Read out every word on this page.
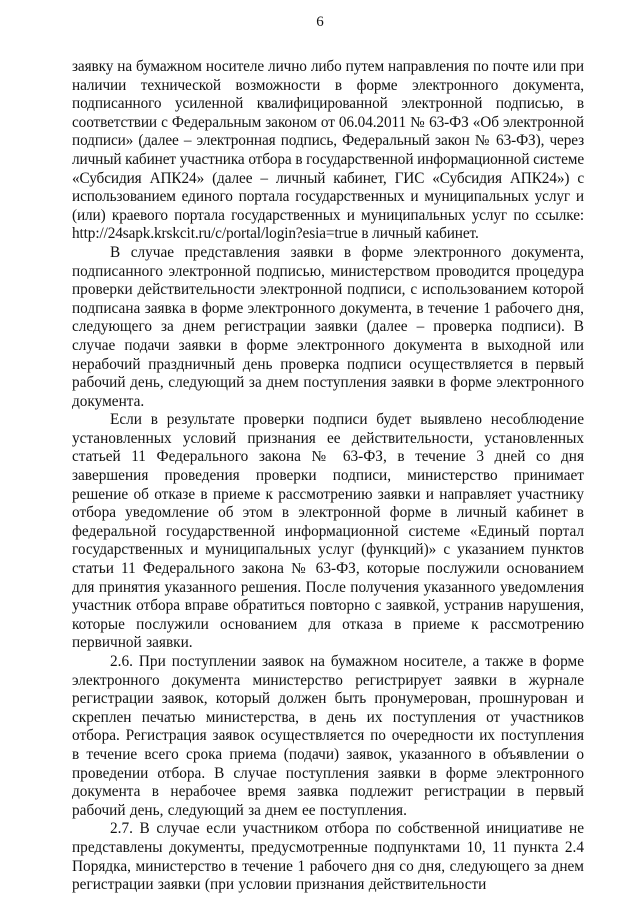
6

заявку на бумажном носителе лично либо путем направления по почте или при наличии технической возможности в форме электронного документа, подписанного усиленной квалифицированной электронной подписью, в соответствии с Федеральным законом от 06.04.2011 № 63-ФЗ «Об электронной подписи» (далее – электронная подпись, Федеральный закон № 63-ФЗ), через личный кабинет участника отбора в государственной информационной системе «Субсидия АПК24» (далее – личный кабинет, ГИС «Субсидия АПК24») с использованием единого портала государственных и муниципальных услуг и (или) краевого портала государственных и муниципальных услуг по ссылке: http://24sapk.krskcit.ru/c/portal/login?esia=true в личный кабинет.

В случае представления заявки в форме электронного документа, подписанного электронной подписью, министерством проводится процедура проверки действительности электронной подписи, с использованием которой подписана заявка в форме электронного документа, в течение 1 рабочего дня, следующего за днем регистрации заявки (далее – проверка подписи). В случае подачи заявки в форме электронного документа в выходной или нерабочий праздничный день проверка подписи осуществляется в первый рабочий день, следующий за днем поступления заявки в форме электронного документа.

Если в результате проверки подписи будет выявлено несоблюдение установленных условий признания ее действительности, установленных статьей 11 Федерального закона № 63-ФЗ, в течение 3 дней со дня завершения проведения проверки подписи, министерство принимает решение об отказе в приеме к рассмотрению заявки и направляет участнику отбора уведомление об этом в электронной форме в личный кабинет в федеральной государственной информационной системе «Единый портал государственных и муниципальных услуг (функций)» с указанием пунктов статьи 11 Федерального закона № 63-ФЗ, которые послужили основанием для принятия указанного решения. После получения указанного уведомления участник отбора вправе обратиться повторно с заявкой, устранив нарушения, которые послужили основанием для отказа в приеме к рассмотрению первичной заявки.

2.6. При поступлении заявок на бумажном носителе, а также в форме электронного документа министерство регистрирует заявки в журнале регистрации заявок, который должен быть пронумерован, прошнурован и скреплен печатью министерства, в день их поступления от участников отбора. Регистрация заявок осуществляется по очередности их поступления в течение всего срока приема (подачи) заявок, указанного в объявлении о проведении отбора. В случае поступления заявки в форме электронного документа в нерабочее время заявка подлежит регистрации в первый рабочий день, следующий за днем ее поступления.

2.7. В случае если участником отбора по собственной инициативе не представлены документы, предусмотренные подпунктами 10, 11 пункта 2.4 Порядка, министерство в течение 1 рабочего дня со дня, следующего за днем регистрации заявки (при условии признания действительности
